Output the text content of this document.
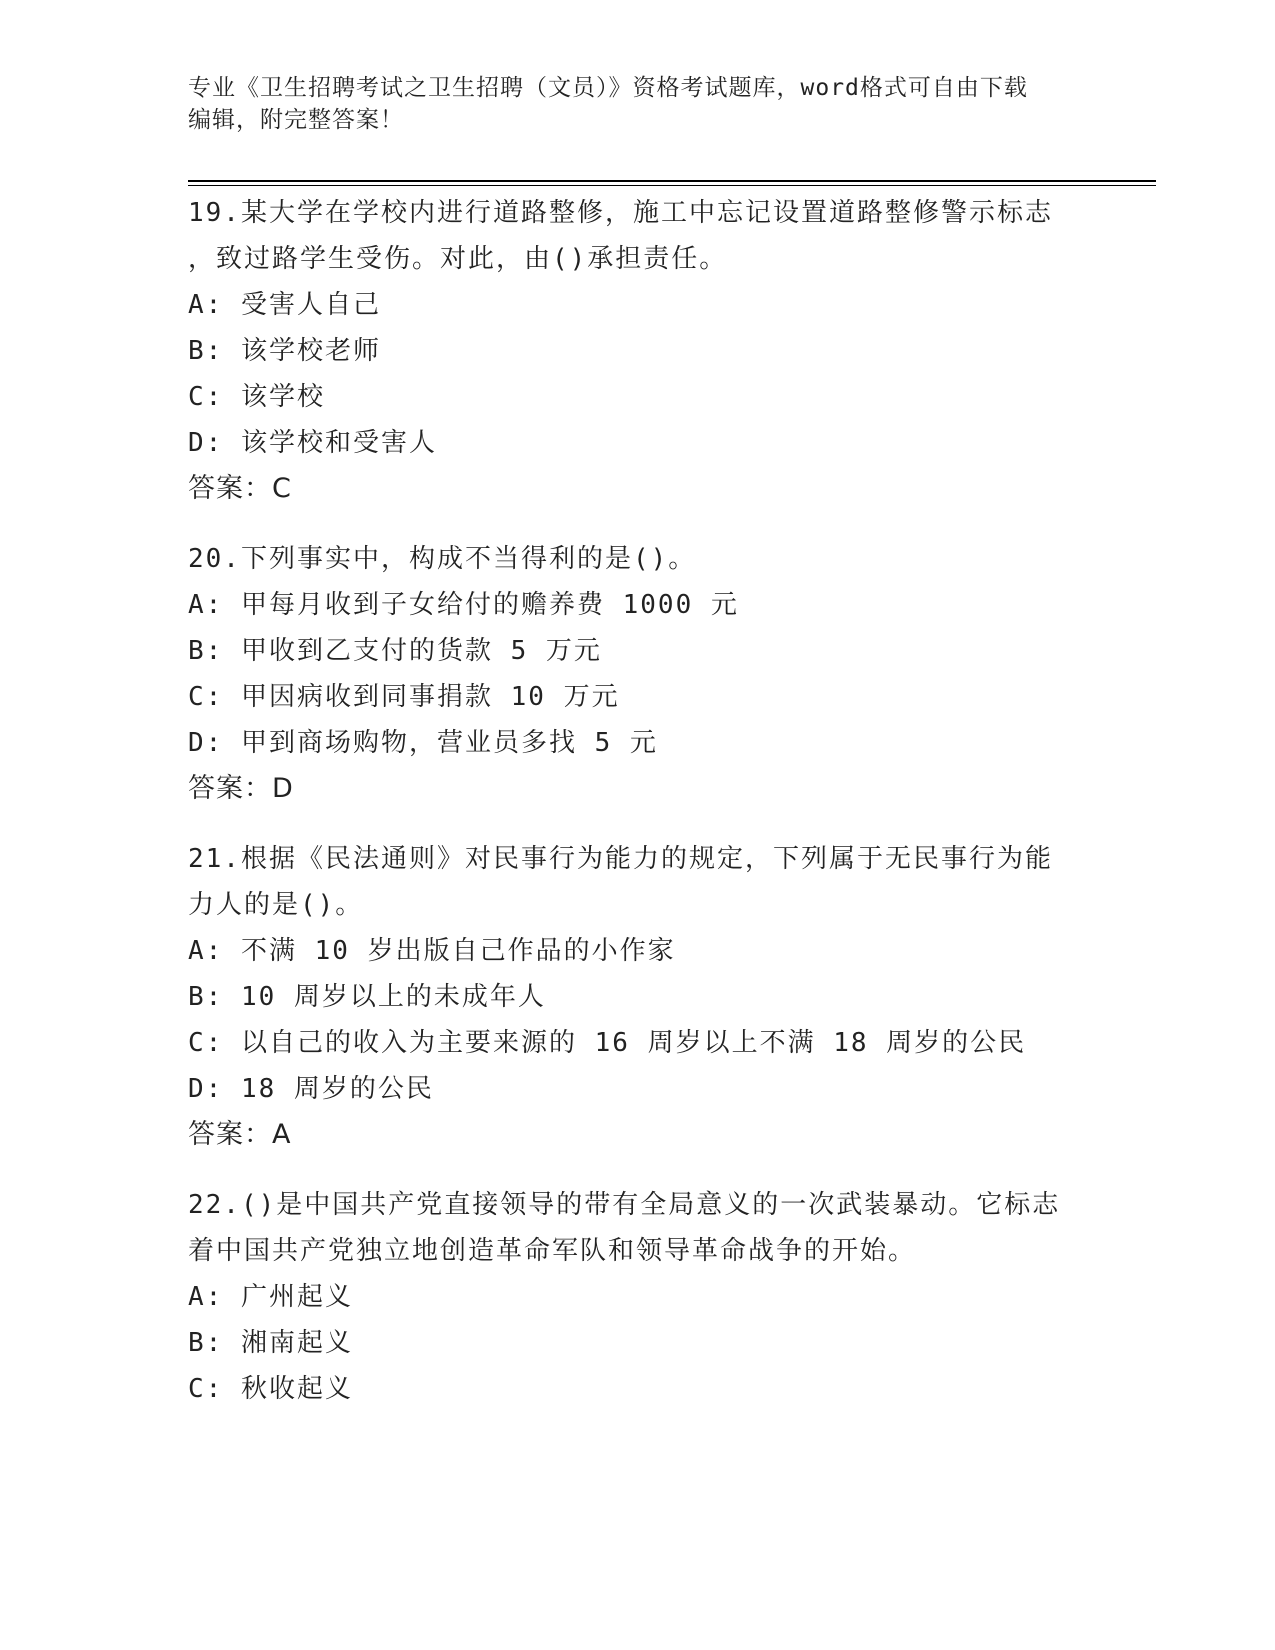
专业《卫生招聘考试之卫生招聘（文员）》资格考试题库，word格式可自由下载
编辑，附完整答案！
19.某大学在学校内进行道路整修，施工中忘记设置道路整修警示标志
，致过路学生受伤。对此，由()承担责任。
A: 受害人自己
B: 该学校老师
C: 该学校
D: 该学校和受害人
答案：C
20.下列事实中，构成不当得利的是()。
A: 甲每月收到子女给付的赡养费 1000 元
B: 甲收到乙支付的货款 5 万元
C: 甲因病收到同事捐款 10 万元
D: 甲到商场购物，营业员多找 5 元
答案：D
21.根据《民法通则》对民事行为能力的规定，下列属于无民事行为能
力人的是()。
A: 不满 10 岁出版自己作品的小作家
B: 10 周岁以上的未成年人
C: 以自己的收入为主要来源的 16 周岁以上不满 18 周岁的公民
D: 18 周岁的公民
答案：A
22.()是中国共产党直接领导的带有全局意义的一次武装暴动。它标志
着中国共产党独立地创造革命军队和领导革命战争的开始。
A: 广州起义
B: 湘南起义
C: 秋收起义
